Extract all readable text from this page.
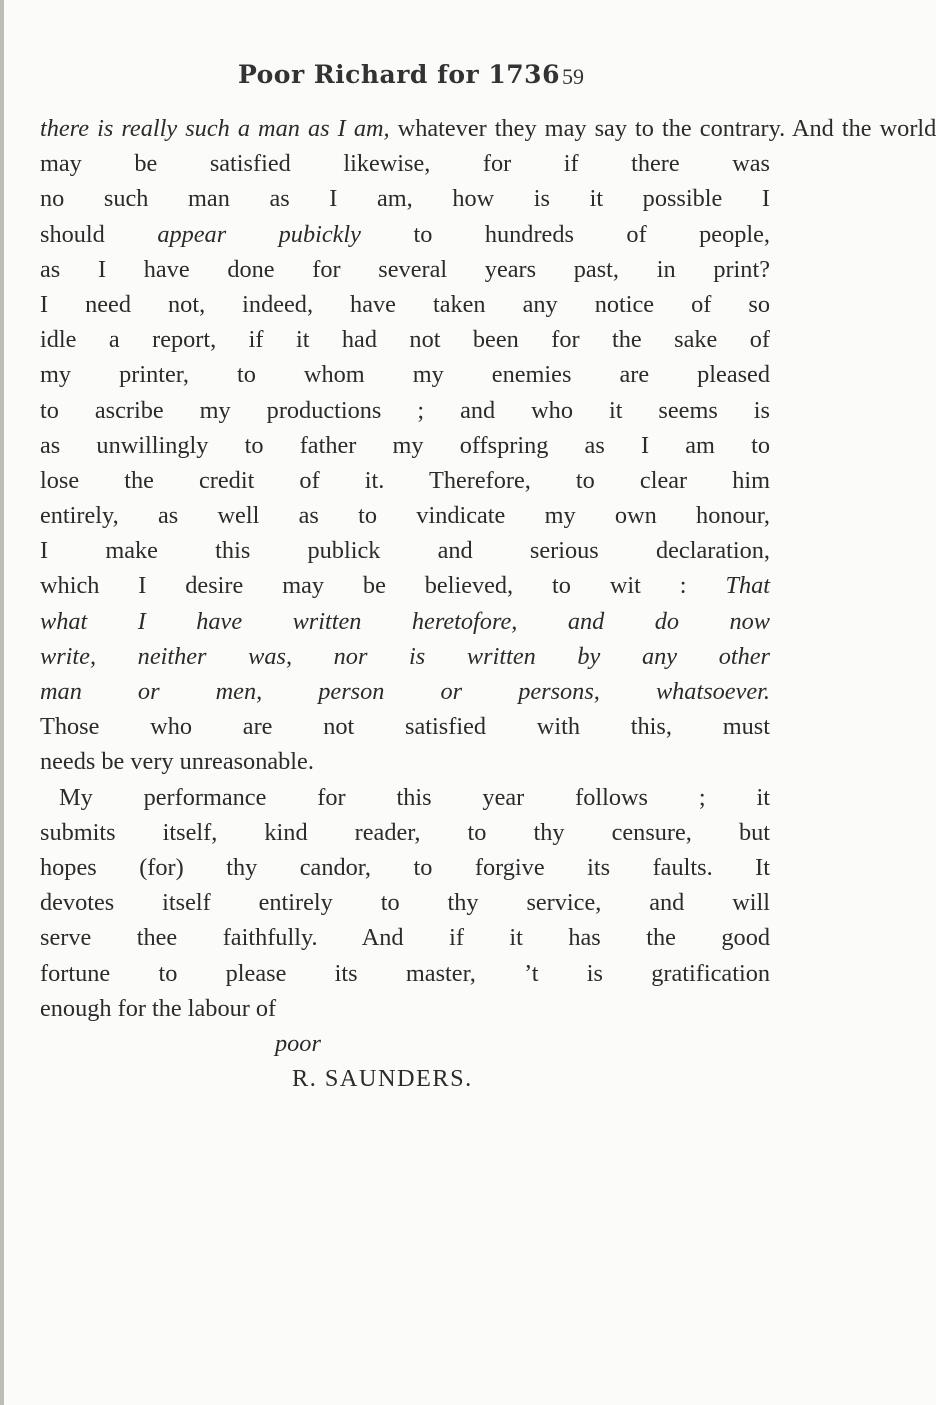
Poor Richard for 1736 59
there is really such a man as I am, whatever they may say to the contrary. And the world
may be satisfied likewise, for if there was
no such man as I am, how is it possible I
should appear pubickly to hundreds of people,
as I have done for several years past, in print?
I need not, indeed, have taken any notice of so
idle a report, if it had not been for the sake of
my printer, to whom my enemies are pleased
to ascribe my productions ; and who it seems is
as unwillingly to father my offspring as I am to
lose the credit of it. Therefore, to clear him
entirely, as well as to vindicate my own honour,
I make this publick and serious declaration,
which I desire may be believed, to wit : That
what I have written heretofore, and do now
write, neither was, nor is written by any other
man or men, person or persons, whatsoever.
Those who are not satisfied with this, must
needs be very unreasonable.
My performance for this year follows ; it
submits itself, kind reader, to thy censure, but
hopes (for) thy candor, to forgive its faults. It
devotes itself entirely to thy service, and will
serve thee faithfully. And if it has the good
fortune to please its master, ’t is gratification
enough for the labour of
poor
R. SAUNDERS.
